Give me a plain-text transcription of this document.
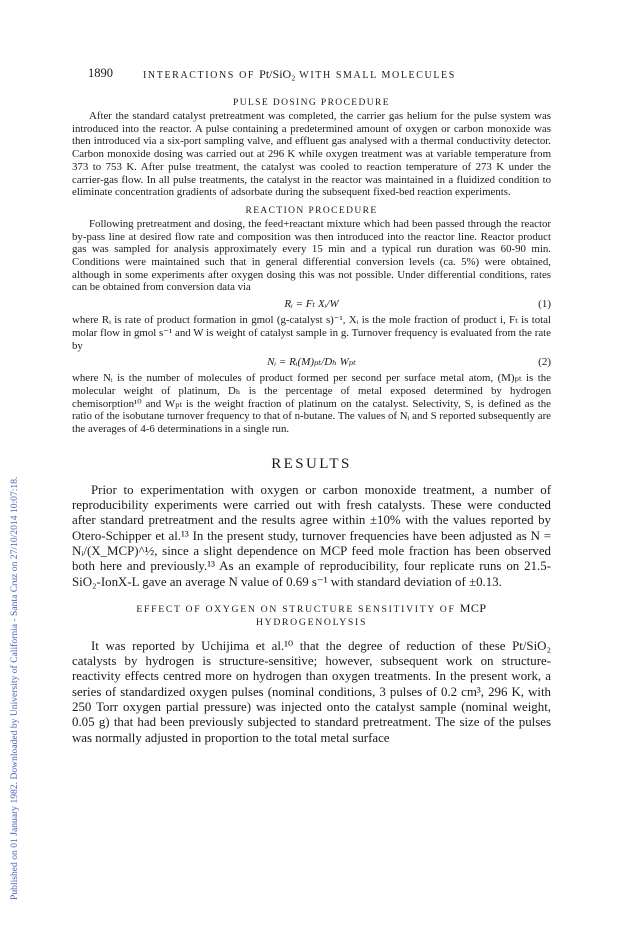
Published on 01 January 1982. Downloaded by University of California - Santa Cruz on 27/10/2014 10:07:18.
1890	INTERACTIONS OF Pt/SiO₂ WITH SMALL MOLECULES
PULSE DOSING PROCEDURE

After the standard catalyst pretreatment was completed, the carrier gas helium for the pulse system was introduced into the reactor. A pulse containing a predetermined amount of oxygen or carbon monoxide was then introduced via a six-port sampling valve, and effluent gas analysed with a thermal conductivity detector. Carbon monoxide dosing was carried out at 296 K while oxygen treatment was at variable temperature from 373 to 753 K. After pulse treatment, the catalyst was cooled to reaction temperature of 273 K under the carrier-gas flow. In all pulse treatments, the catalyst in the reactor was maintained in a fluidized condition to eliminate concentration gradients of adsorbate during the subsequent fixed-bed reaction experiments.

REACTION PROCEDURE

Following pretreatment and dosing, the feed+reactant mixture which had been passed through the reactor by-pass line at desired flow rate and composition was then introduced into the reactor line. Reactor product gas was sampled for analysis approximately every 15 min and a typical run duration was 60-90 min. Conditions were maintained such that in general differential conversion levels (ca. 5%) were obtained, although in some experiments after oxygen dosing this was not possible. Under differential conditions, rates can be obtained from conversion data via

Rᵢ = Fₜ Xᵢ/W	(1)

where Rᵢ is rate of product formation in gmol (g-catalyst s)⁻¹, Xᵢ is the mole fraction of product i, Fₜ is total molar flow in gmol s⁻¹ and W is weight of catalyst sample in g. Turnover frequency is evaluated from the rate by

Nᵢ = Rᵢ(M)ₚₜ/Dₕ Wₚₜ	(2)

where Nᵢ is the number of molecules of product formed per second per surface metal atom, (M)ₚₜ is the molecular weight of platinum, Dₕ is the percentage of metal exposed determined by hydrogen chemisorption¹⁰ and Wₚₜ is the weight fraction of platinum on the catalyst. Selectivity, S, is defined as the ratio of the isobutane turnover frequency to that of n-butane. The values of Nᵢ and S reported subsequently are the averages of 4-6 determinations in a single run.

RESULTS

Prior to experimentation with oxygen or carbon monoxide treatment, a number of reproducibility experiments were carried out with fresh catalysts. These were conducted after standard pretreatment and the results agree within ±10% with the values reported by Otero-Schipper et al.¹³ In the present study, turnover frequencies have been adjusted as N = Nᵢ/(X_MCP)^½, since a slight dependence on MCP feed mole fraction has been observed both here and previously.¹³ As an example of reproducibility, four replicate runs on 21.5-SiO₂-IonX-L gave an average N value of 0.69 s⁻¹ with standard deviation of ±0.13.

EFFECT OF OXYGEN ON STRUCTURE SENSITIVITY OF MCP
HYDROGENOLYSIS

It was reported by Uchijima et al.¹⁰ that the degree of reduction of these Pt/SiO₂ catalysts by hydrogen is structure-sensitive; however, subsequent work on structure-reactivity effects centred more on hydrogen than oxygen treatments. In the present work, a series of standardized oxygen pulses (nominal conditions, 3 pulses of 0.2 cm³, 296 K, with 250 Torr oxygen partial pressure) was injected onto the catalyst sample (nominal weight, 0.05 g) that had been previously subjected to standard pretreatment. The size of the pulses was normally adjusted in proportion to the total metal surface
